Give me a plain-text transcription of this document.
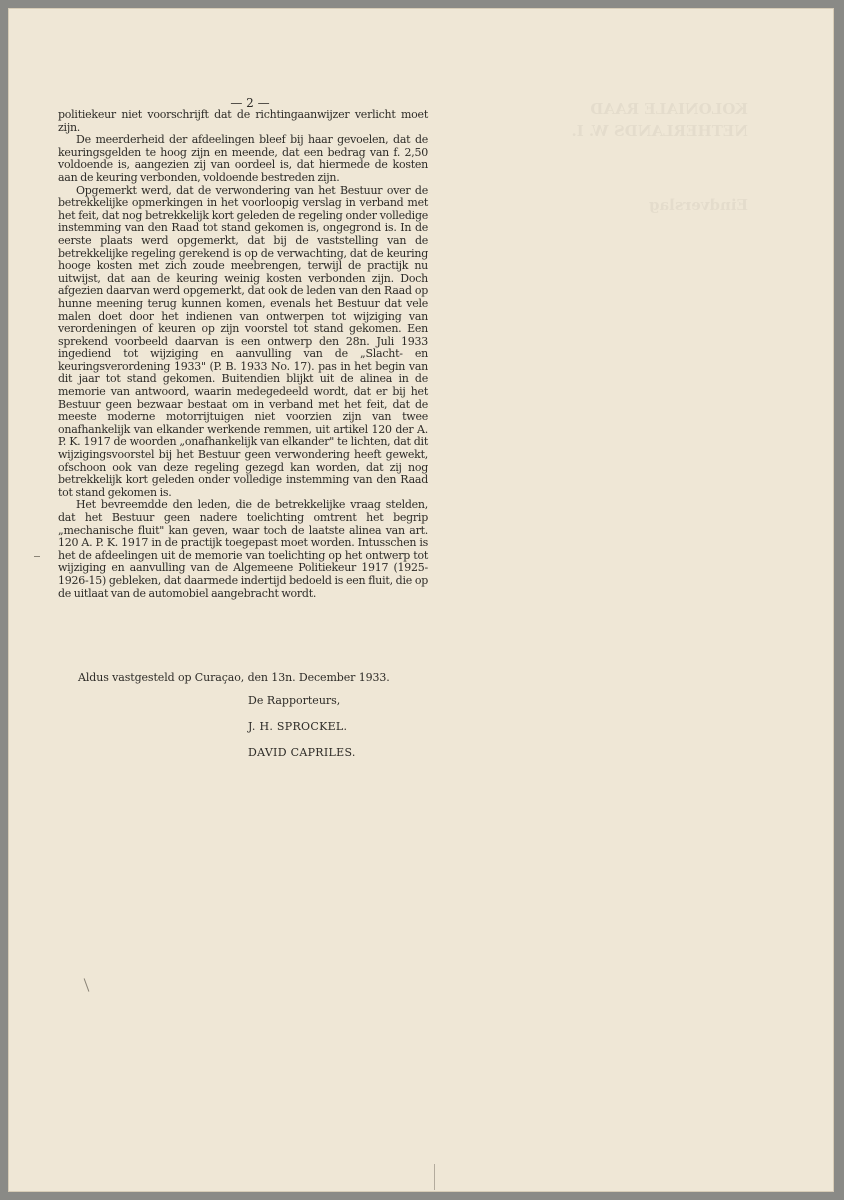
KOLONIALE RAAD
NETHERLANDS W. I.
Eindverslag
— 2 —

politiekeur niet voorschrijft dat de richtingaanwijzer verlicht moet zijn.

De meerderheid der afdeelingen bleef bij haar gevoelen, dat de keuringsgelden te hoog zijn en meende, dat een bedrag van f. 2,50 voldoende is, aangezien zij van oordeel is, dat hiermede de kosten aan de keuring verbonden, voldoende bestreden zijn.

Opgemerkt werd, dat de verwondering van het Bestuur over de betrekkelijke opmerkingen in het voorloopig verslag in verband met het feit, dat nog betrekkelijk kort geleden de regeling onder volledige instemming van den Raad tot stand gekomen is, ongegrond is. In de eerste plaats werd opgemerkt, dat bij de vaststelling van de betrekkelijke regeling gerekend is op de verwachting, dat de keuring hooge kosten met zich zoude meebrengen, terwijl de practijk nu uitwijst, dat aan de keuring weinig kosten verbonden zijn. Doch afgezien daarvan werd opgemerkt, dat ook de leden van den Raad op hunne meening terug kunnen komen, evenals het Bestuur dat vele malen doet door het indienen van ontwerpen tot wijziging van verordeningen of keuren op zijn voorstel tot stand gekomen. Een sprekend voorbeeld daarvan is een ontwerp den 28n. Juli 1933 ingediend tot wijziging en aanvulling van de „Slacht- en keuringsverordening 1933" (P. B. 1933 No. 17). pas in het begin van dit jaar tot stand gekomen. Buitendien blijkt uit de alinea in de memorie van antwoord, waarin medegedeeld wordt, dat er bij het Bestuur geen bezwaar bestaat om in verband met het feit, dat de meeste moderne motorrijtuigen niet voorzien zijn van twee onafhankelijk van elkander werkende remmen, uit artikel 120 der A. P. K. 1917 de woorden „onafhankelijk van elkander" te lichten, dat dit wijzigingsvoorstel bij het Bestuur geen verwondering heeft gewekt, ofschoon ook van deze regeling gezegd kan worden, dat zij nog betrekkelijk kort geleden onder volledige instemming van den Raad tot stand gekomen is.

Het bevreemdde den leden, die de betrekkelijke vraag stelden, dat het Bestuur geen nadere toelichting omtrent het begrip „mechanische fluit" kan geven, waar toch de laatste alinea van art. 120 A. P. K. 1917 in de practijk toegepast moet worden. Intusschen is het de afdeelingen uit de memorie van toelichting op het ontwerp tot wijziging en aanvulling van de Algemeene Politiekeur 1917 (1925-1926-15) gebleken, dat daarmede indertijd bedoeld is een fluit, die op de uitlaat van de automobiel aangebracht wordt.

Aldus vastgesteld op Curaçao, den 13n. December 1933.
De Rapporteurs,
J. H. SPROCKEL.
DAVID CAPRILES.
